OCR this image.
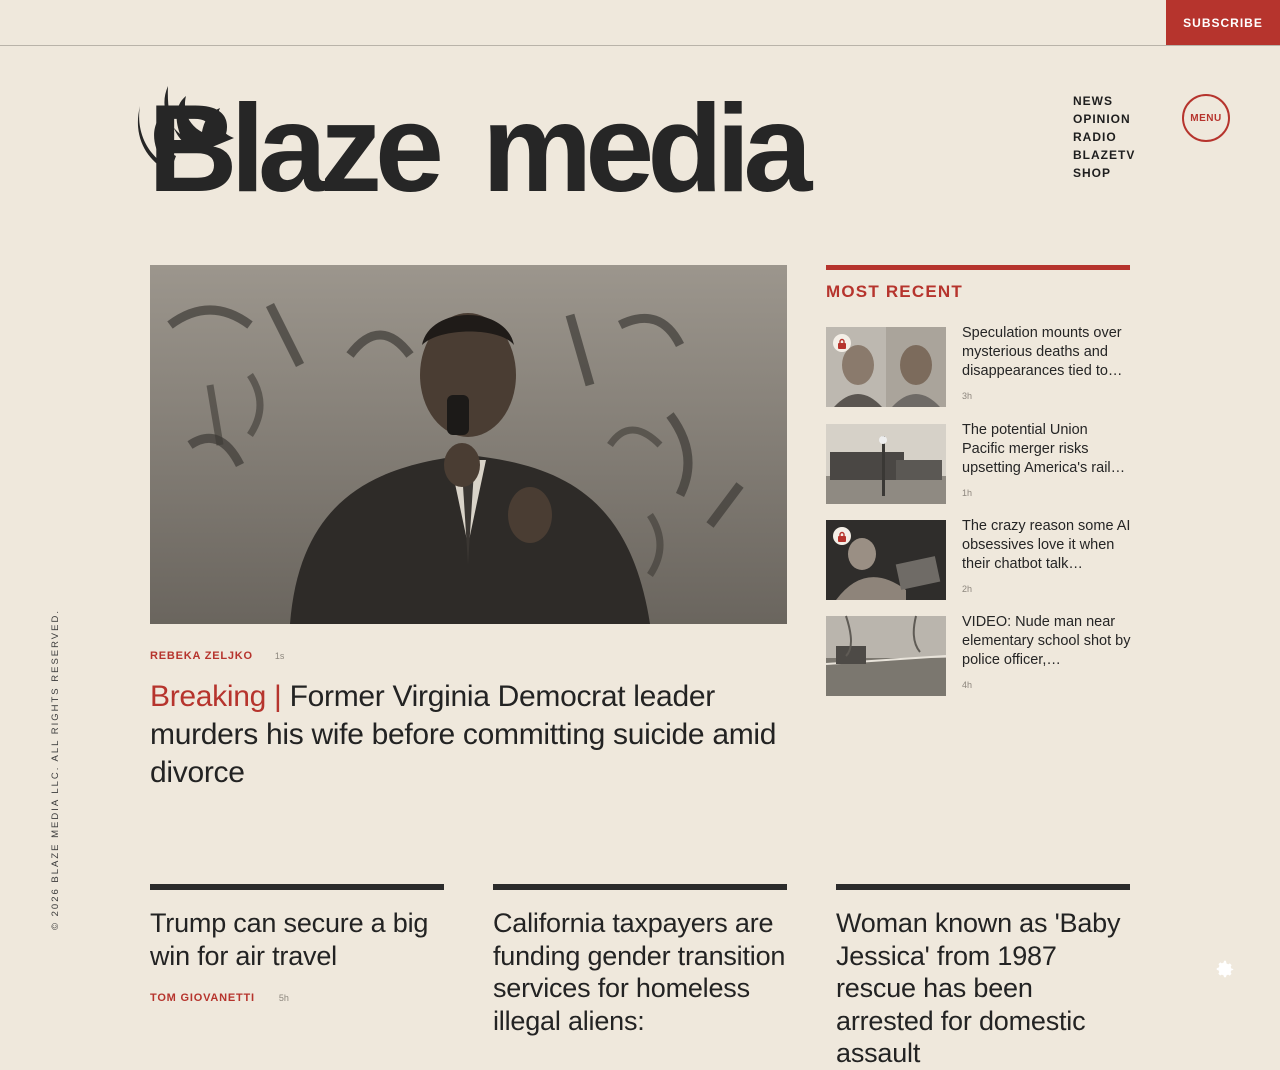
SUBSCRIBE
Blaze media	NEWS
OPINION
RADIO
BLAZETV
SHOP
MENU
REBEKA ZELJKO 1s
Breaking | Former Virginia Democrat leader murders his wife before committing suicide amid divorce
MOST RECENT
Speculation mounts over mysterious deaths and disappearances tied to…
3h
The potential Union Pacific merger risks upsetting America's rail…
1h
The crazy reason some AI obsessives love it when their chatbot talk…
2h
VIDEO: Nude man near elementary school shot by police officer,…
4h
Trump can secure a big win for air travel
TOM GIOVANETTI	5h
California taxpayers are funding gender transition services for homeless illegal aliens:
Woman known as 'Baby Jessica' from 1987 rescue has been arrested for domestic assault
© 2026 BLAZE MEDIA LLC. ALL RIGHTS RESERVED.
